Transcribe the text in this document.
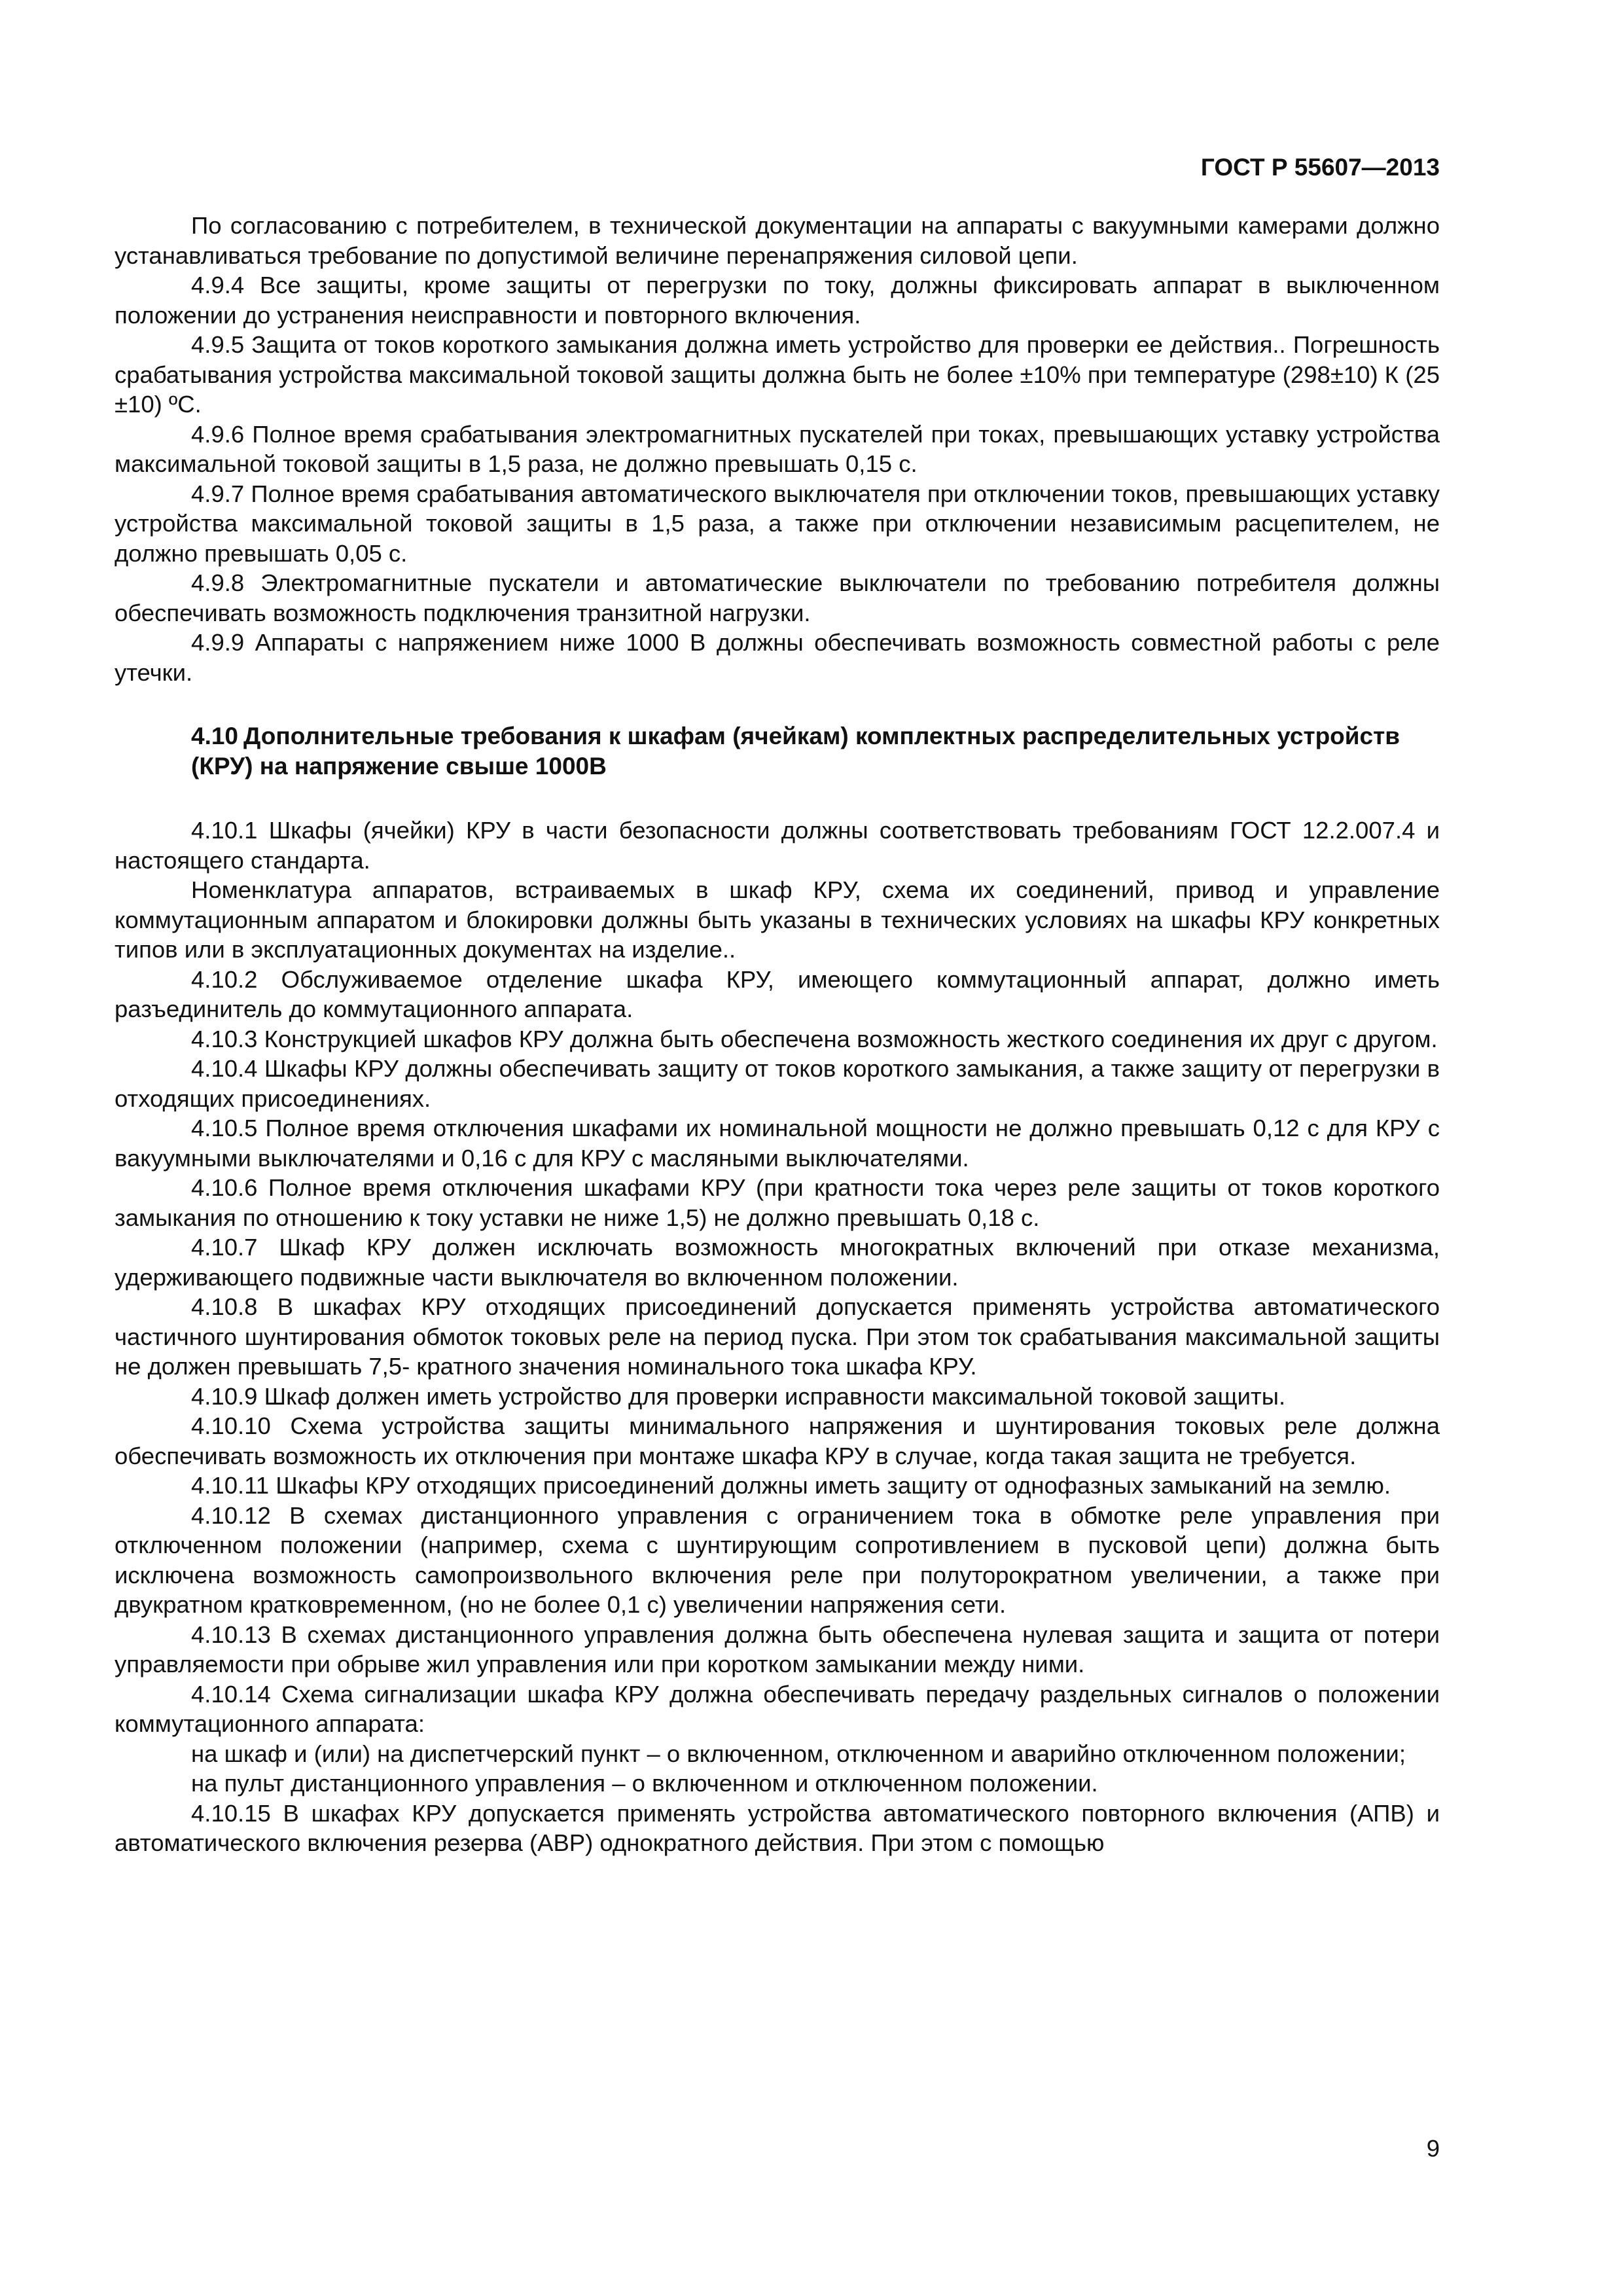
ГОСТ Р 55607—2013

По согласованию с потребителем, в технической документации на аппараты с вакуумными камерами должно устанавливаться требование по допустимой величине перенапряжения силовой цепи.

4.9.4 Все защиты, кроме защиты от перегрузки по току, должны фиксировать аппарат в выключенном положении до устранения неисправности и повторного включения.

4.9.5 Защита от токов короткого замыкания должна иметь устройство для проверки ее действия.. Погрешность срабатывания устройства максимальной токовой защиты должна быть не более ±10% при температуре (298±10) К (25 ±10) ºС.

4.9.6 Полное время срабатывания электромагнитных пускателей при токах, превышающих уставку устройства максимальной токовой защиты в 1,5 раза, не должно превышать 0,15 с.

4.9.7 Полное время срабатывания автоматического выключателя при отключении токов, превышающих уставку устройства максимальной токовой защиты в 1,5 раза, а также при отключении независимым расцепителем, не должно превышать 0,05 с.

4.9.8 Электромагнитные пускатели и автоматические выключатели по требованию потребителя должны обеспечивать возможность подключения транзитной нагрузки.

4.9.9 Аппараты с напряжением ниже 1000 В должны обеспечивать возможность совместной работы с реле утечки.

4.10 Дополнительные требования к шкафам (ячейкам) комплектных распределительных устройств (КРУ) на напряжение свыше 1000В

4.10.1 Шкафы (ячейки) КРУ в части безопасности должны соответствовать требованиям ГОСТ 12.2.007.4 и настоящего стандарта.

Номенклатура аппаратов, встраиваемых в шкаф КРУ, схема их соединений, привод и управление коммутационным аппаратом и блокировки должны быть указаны в технических условиях на шкафы КРУ конкретных типов или в эксплуатационных документах на изделие..

4.10.2 Обслуживаемое отделение шкафа КРУ, имеющего коммутационный аппарат, должно иметь разъединитель до коммутационного аппарата.

4.10.3 Конструкцией шкафов КРУ должна быть обеспечена возможность жесткого соединения их друг с другом.

4.10.4 Шкафы КРУ должны обеспечивать защиту от токов короткого замыкания, а также защиту от перегрузки в отходящих присоединениях.

4.10.5 Полное время отключения шкафами их номинальной мощности не должно превышать 0,12 с для КРУ с вакуумными выключателями и 0,16 с для КРУ с масляными выключателями.

4.10.6 Полное время отключения шкафами КРУ (при кратности тока через реле защиты от токов короткого замыкания по отношению к току уставки не ниже 1,5) не должно превышать 0,18 с.

4.10.7 Шкаф КРУ должен исключать возможность многократных включений при отказе механизма, удерживающего подвижные части выключателя во включенном положении.

4.10.8 В шкафах КРУ отходящих присоединений допускается применять устройства автоматического частичного шунтирования обмоток токовых реле на период пуска. При этом ток срабатывания максимальной защиты не должен превышать 7,5- кратного значения номинального тока шкафа КРУ.

4.10.9 Шкаф должен иметь устройство для проверки исправности максимальной токовой защиты.

4.10.10 Схема устройства защиты минимального напряжения и шунтирования токовых реле должна обеспечивать возможность их отключения при монтаже шкафа КРУ в случае, когда такая защита не требуется.

4.10.11 Шкафы КРУ отходящих присоединений должны иметь защиту от однофазных замыканий на землю.

4.10.12 В схемах дистанционного управления с ограничением тока в обмотке реле управления при отключенном положении (например, схема с шунтирующим сопротивлением в пусковой цепи) должна быть исключена возможность самопроизвольного включения реле при полуторократном увеличении, а также при двукратном кратковременном, (но не более 0,1 с) увеличении напряжения сети.

4.10.13 В схемах дистанционного управления должна быть обеспечена нулевая защита и защита от потери управляемости при обрыве жил управления или при коротком замыкании между ними.

4.10.14 Схема сигнализации шкафа КРУ должна обеспечивать передачу раздельных сигналов о положении коммутационного аппарата:

на шкаф и (или) на диспетчерский пункт – о включенном, отключенном и аварийно отключенном положении;

на пульт дистанционного управления – о включенном и отключенном положении.

4.10.15 В шкафах КРУ допускается применять устройства автоматического повторного включения (АПВ) и автоматического включения резерва (АВР) однократного действия. При этом с помощью

9
